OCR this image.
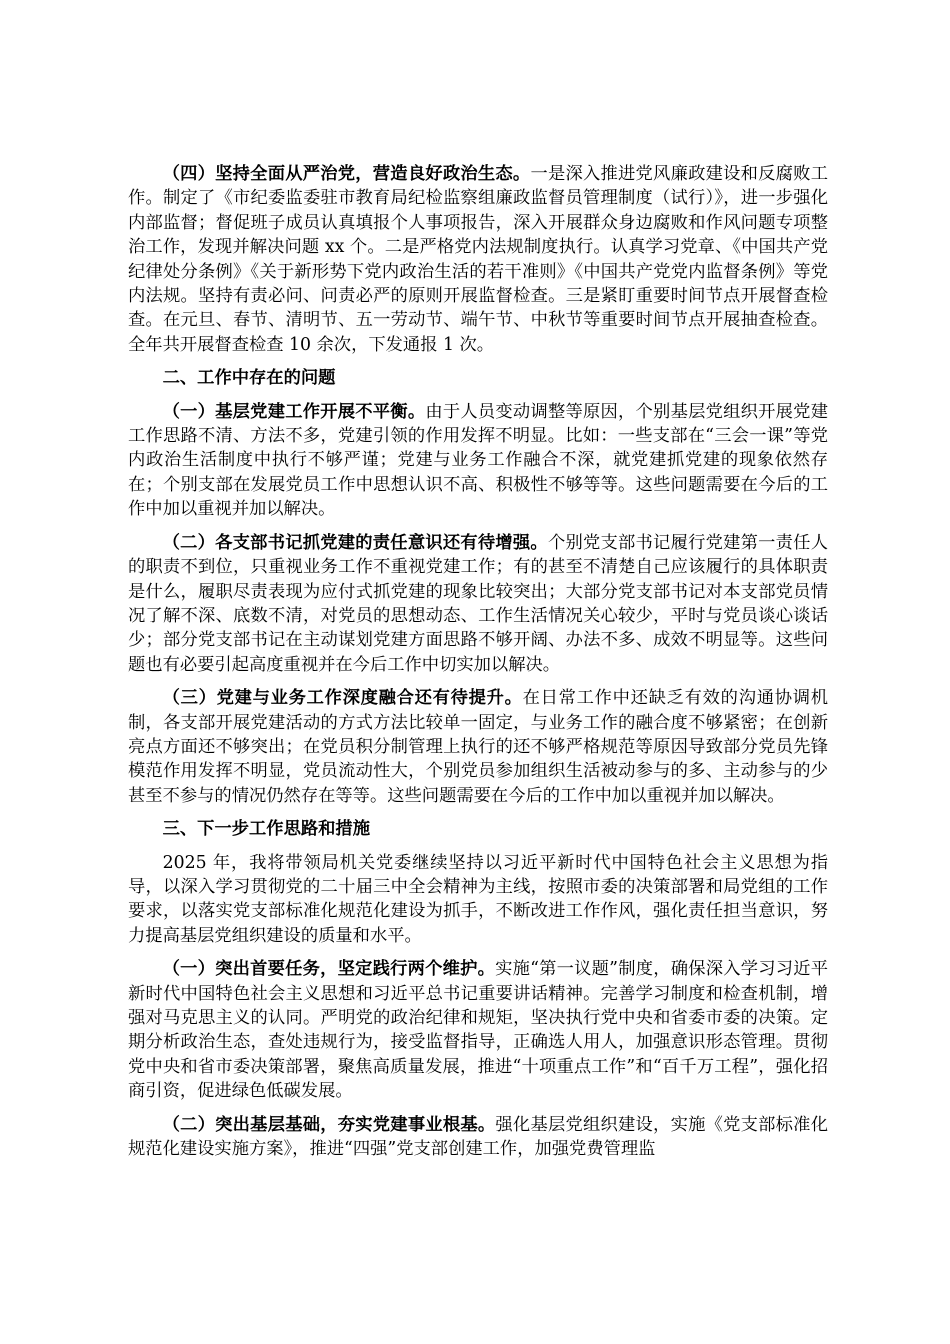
（四）坚持全面从严治党，营造良好政治生态。一是深入推进党风廉政建设和反腐败工作。制定了《市纪委监委驻市教育局纪检监察组廉政监督员管理制度（试行）》，进一步强化内部监督；督促班子成员认真填报个人事项报告，深入开展群众身边腐败和作风问题专项整治工作，发现并解决问题 xx 个。二是严格党内法规制度执行。认真学习党章、《中国共产党纪律处分条例》《关于新形势下党内政治生活的若干准则》《中国共产党党内监督条例》等党内法规。坚持有责必问、问责必严的原则开展监督检查。三是紧盯重要时间节点开展督查检查。在元旦、春节、清明节、五一劳动节、端午节、中秋节等重要时间节点开展抽查检查。全年共开展督查检查 10 余次，下发通报 1 次。

二、工作中存在的问题

（一）基层党建工作开展不平衡。由于人员变动调整等原因，个别基层党组织开展党建工作思路不清、方法不多，党建引领的作用发挥不明显。比如：一些支部在“三会一课”等党内政治生活制度中执行不够严谨；党建与业务工作融合不深，就党建抓党建的现象依然存在；个别支部在发展党员工作中思想认识不高、积极性不够等等。这些问题需要在今后的工作中加以重视并加以解决。

（二）各支部书记抓党建的责任意识还有待增强。个别党支部书记履行党建第一责任人的职责不到位，只重视业务工作不重视党建工作；有的甚至不清楚自己应该履行的具体职责是什么，履职尽责表现为应付式抓党建的现象比较突出；大部分党支部书记对本支部党员情况了解不深、底数不清，对党员的思想动态、工作生活情况关心较少，平时与党员谈心谈话少；部分党支部书记在主动谋划党建方面思路不够开阔、办法不多、成效不明显等。这些问题也有必要引起高度重视并在今后工作中切实加以解决。

（三）党建与业务工作深度融合还有待提升。在日常工作中还缺乏有效的沟通协调机制，各支部开展党建活动的方式方法比较单一固定，与业务工作的融合度不够紧密；在创新亮点方面还不够突出；在党员积分制管理上执行的还不够严格规范等原因导致部分党员先锋模范作用发挥不明显，党员流动性大，个别党员参加组织生活被动参与的多、主动参与的少甚至不参与的情况仍然存在等等。这些问题需要在今后的工作中加以重视并加以解决。

三、下一步工作思路和措施

2025 年，我将带领局机关党委继续坚持以习近平新时代中国特色社会主义思想为指导，以深入学习贯彻党的二十届三中全会精神为主线，按照市委的决策部署和局党组的工作要求，以落实党支部标准化规范化建设为抓手，不断改进工作作风，强化责任担当意识，努力提高基层党组织建设的质量和水平。

（一）突出首要任务，坚定践行两个维护。实施“第一议题”制度，确保深入学习习近平新时代中国特色社会主义思想和习近平总书记重要讲话精神。完善学习制度和检查机制，增强对马克思主义的认同。严明党的政治纪律和规矩，坚决执行党中央和省委市委的决策。定期分析政治生态，查处违规行为，接受监督指导，正确选人用人，加强意识形态管理。贯彻党中央和省市委决策部署，聚焦高质量发展，推进“十项重点工作”和“百千万工程”，强化招商引资，促进绿色低碳发展。

（二）突出基层基础，夯实党建事业根基。强化基层党组织建设，实施《党支部标准化规范化建设实施方案》，推进“四强”党支部创建工作，加强党费管理监
